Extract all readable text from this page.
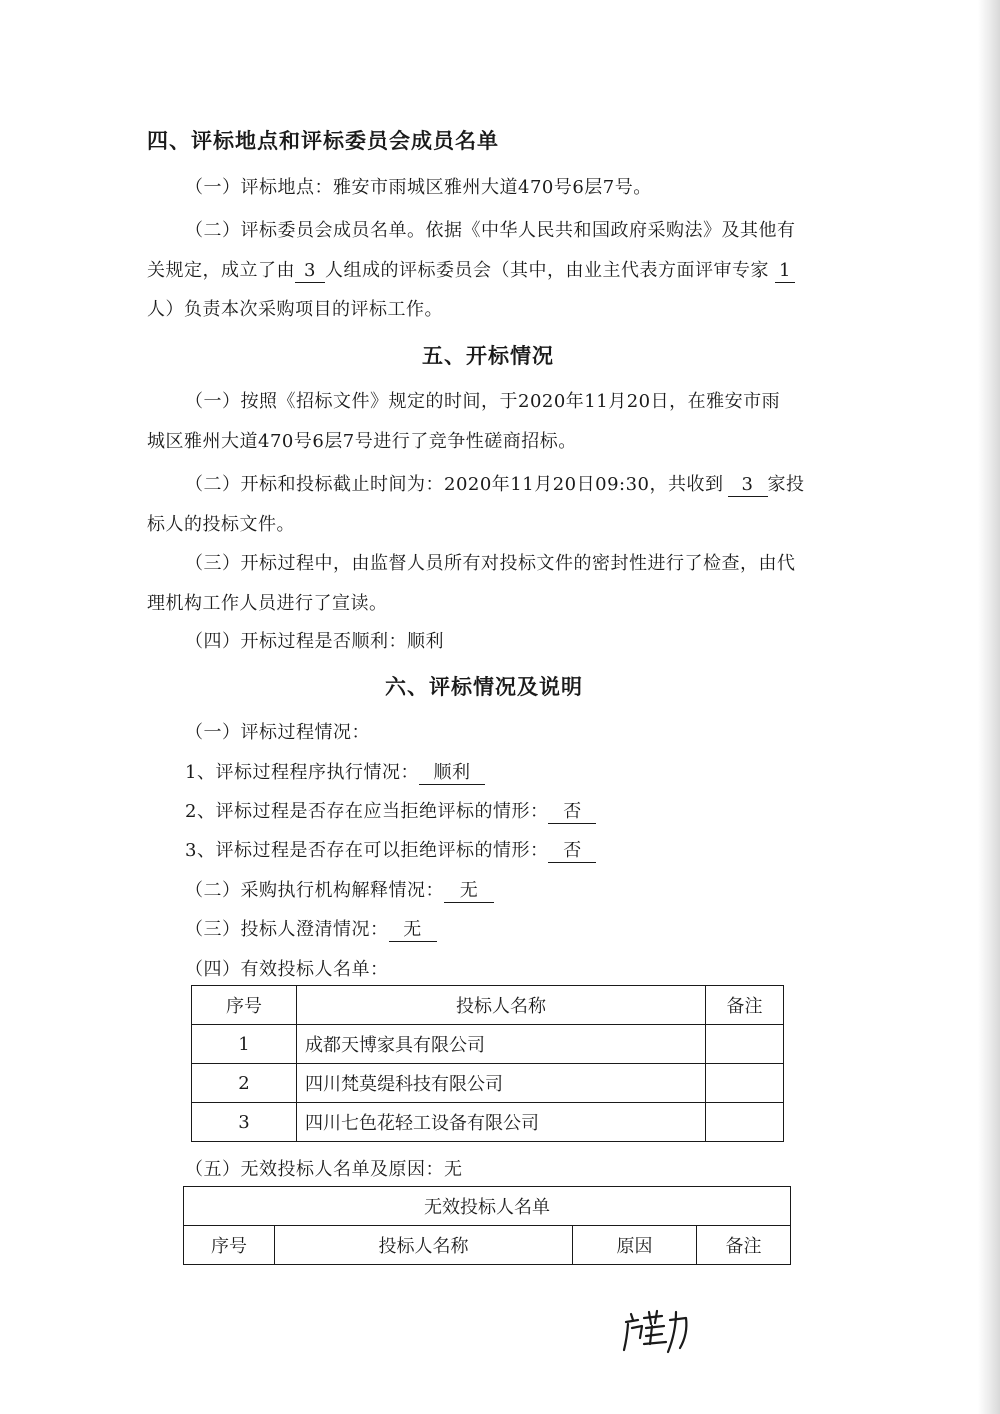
四、评标地点和评标委员会成员名单
（一）评标地点：雅安市雨城区雅州大道470号6层7号。
（二）评标委员会成员名单。依据《中华人民共和国政府采购法》及其他有
关规定，成立了由 3 人组成的评标委员会（其中，由业主代表方面评审专家 1
人）负责本次采购项目的评标工作。
五、开标情况
（一）按照《招标文件》规定的时间，于2020年11月20日，在雅安市雨
城区雅州大道470号6层7号进行了竞争性磋商招标。
（二）开标和投标截止时间为：2020年11月20日09:30，共收到 3 家投
标人的投标文件。
（三）开标过程中，由监督人员所有对投标文件的密封性进行了检查，由代
理机构工作人员进行了宣读。
（四）开标过程是否顺利：顺利
六、评标情况及说明
（一）评标过程情况：
1、评标过程程序执行情况： 顺利
2、评标过程是否存在应当拒绝评标的情形： 否
3、评标过程是否存在可以拒绝评标的情形： 否
（二）采购执行机构解释情况： 无
（三）投标人澄清情况： 无
（四）有效投标人名单：
序号	投标人名称	备注
1	成都天博家具有限公司	
2	四川梵莫缇科技有限公司	
3	四川七色花轻工设备有限公司	
（五）无效投标人名单及原因：无
无效投标人名单
序号	投标人名称	原因	备注
